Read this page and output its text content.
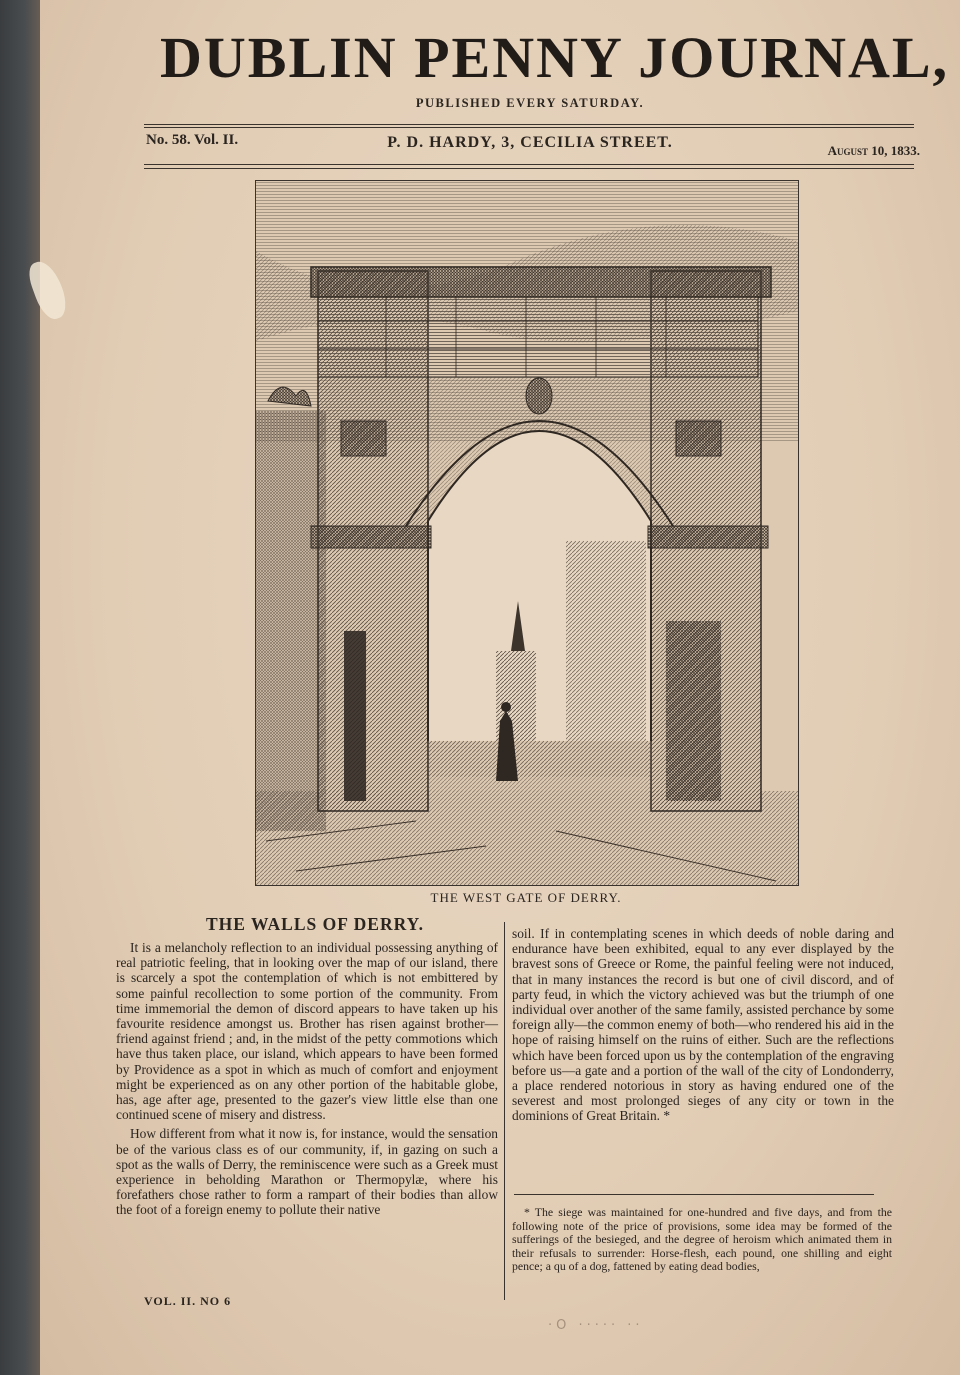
DUBLIN PENNY JOURNAL,
PUBLISHED EVERY SATURDAY.
No. 58. Vol. II.	P. D. HARDY, 3, CECILIA STREET.	August 10, 1833.
THE WEST GATE OF DERRY.
THE WALLS OF DERRY.

It is a melancholy reflection to an individual possessing anything of real patriotic feeling, that in looking over the map of our island, there is scarcely a spot the contemplation of which is not embittered by some painful recollection to some portion of the community. From time immemorial the demon of discord appears to have taken up his favourite residence amongst us. Brother has risen against brother—friend against friend ; and, in the midst of the petty commotions which have thus taken place, our island, which appears to have been formed by Providence as a spot in which as much of comfort and enjoyment might be experienced as on any other portion of the habitable globe, has, age after age, presented to the gazer's view little else than one continued scene of misery and distress.

How different from what it now is, for instance, would the sensation be of the various class es of our community, if, in gazing on such a spot as the walls of Derry, the reminiscence were such as a Greek must experience in beholding Marathon or Thermopylæ, where his forefathers chose rather to form a rampart of their bodies than allow the foot of a foreign enemy to pollute their native

soil. If in contemplating scenes in which deeds of noble daring and endurance have been exhibited, equal to any ever displayed by the bravest sons of Greece or Rome, the painful feeling were not induced, that in many instances the record is but one of civil discord, and of party feud, in which the victory achieved was but the triumph of one individual over another of the same family, assisted perchance by some foreign ally—the common enemy of both—who rendered his aid in the hope of raising himself on the ruins of either. Such are the reflections which have been forced upon us by the contemplation of the engraving before us—a gate and a portion of the wall of the city of Londonderry, a place rendered notorious in story as having endured one of the severest and most prolonged sieges of any city or town in the dominions of Great Britain. *

* The siege was maintained for one-hundred and five days, and from the following note of the price of provisions, some idea may be formed of the sufferings of the besieged, and the degree of heroism which animated them in their refusals to surrender: Horse-flesh, each pound, one shilling and eight pence; a qu of a dog, fattened by eating dead bodies,

VOL. II. NO 6
·O ····· ··
